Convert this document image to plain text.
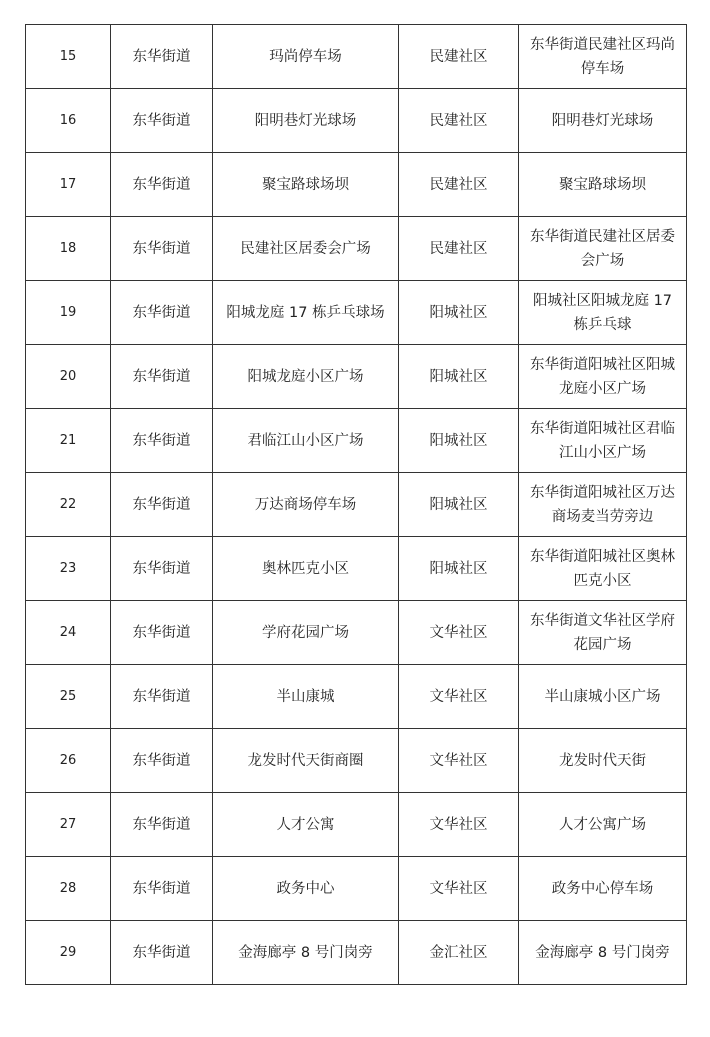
15	东华街道	玛尚停车场	民建社区	东华街道民建社区玛尚停车场
16	东华街道	阳明巷灯光球场	民建社区	阳明巷灯光球场
17	东华街道	聚宝路球场坝	民建社区	聚宝路球场坝
18	东华街道	民建社区居委会广场	民建社区	东华街道民建社区居委会广场
19	东华街道	阳城龙庭 17 栋乒乓球场	阳城社区	阳城社区阳城龙庭 17 栋乒乓球
20	东华街道	阳城龙庭小区广场	阳城社区	东华街道阳城社区阳城龙庭小区广场
21	东华街道	君临江山小区广场	阳城社区	东华街道阳城社区君临江山小区广场
22	东华街道	万达商场停车场	阳城社区	东华街道阳城社区万达商场麦当劳旁边
23	东华街道	奥林匹克小区	阳城社区	东华街道阳城社区奥林匹克小区
24	东华街道	学府花园广场	文华社区	东华街道文华社区学府花园广场
25	东华街道	半山康城	文华社区	半山康城小区广场
26	东华街道	龙发时代天街商圈	文华社区	龙发时代天街
27	东华街道	人才公寓	文华社区	人才公寓广场
28	东华街道	政务中心	文华社区	政务中心停车场
29	东华街道	金海廊亭 8 号门岗旁	金汇社区	金海廊亭 8 号门岗旁
